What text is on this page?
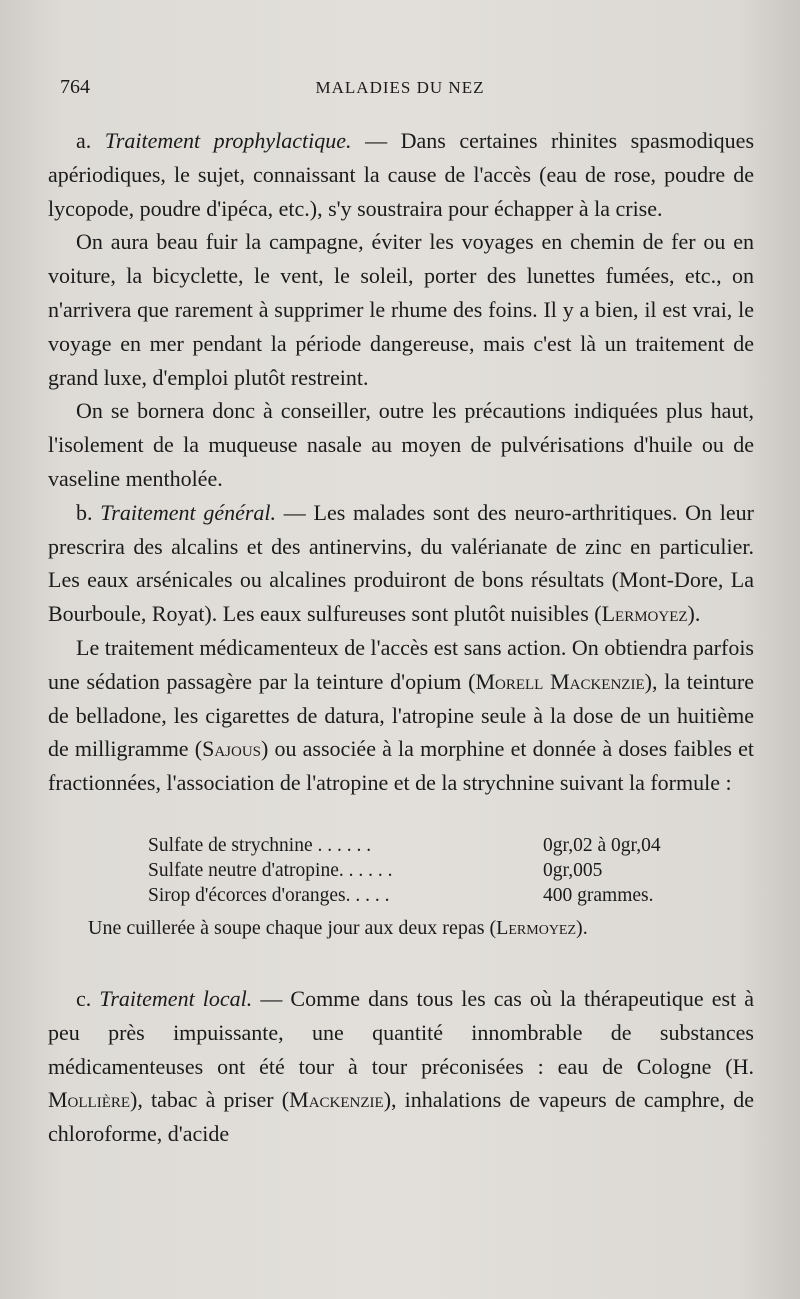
764	MALADIES DU NEZ

a. Traitement prophylactique. — Dans certaines rhinites spasmodiques apériodiques, le sujet, connaissant la cause de l'accès (eau de rose, poudre de lycopode, poudre d'ipéca, etc.), s'y soustraira pour échapper à la crise.

On aura beau fuir la campagne, éviter les voyages en chemin de fer ou en voiture, la bicyclette, le vent, le soleil, porter des lunettes fumées, etc., on n'arrivera que rarement à supprimer le rhume des foins. Il y a bien, il est vrai, le voyage en mer pendant la période dangereuse, mais c'est là un traitement de grand luxe, d'emploi plutôt restreint.

On se bornera donc à conseiller, outre les précautions indiquées plus haut, l'isolement de la muqueuse nasale au moyen de pulvérisations d'huile ou de vaseline mentholée.

b. Traitement général. — Les malades sont des neuro-arthritiques. On leur prescrira des alcalins et des antinervins, du valérianate de zinc en particulier. Les eaux arsénicales ou alcalines produiront de bons résultats (Mont-Dore, La Bourboule, Royat). Les eaux sulfureuses sont plutôt nuisibles (Lermoyez).

Le traitement médicamenteux de l'accès est sans action. On obtiendra parfois une sédation passagère par la teinture d'opium (Morell Mackenzie), la teinture de belladone, les cigarettes de datura, l'atropine seule à la dose de un huitième de milligramme (Sajous) ou associée à la morphine et donnée à doses faibles et fractionnées, l'association de l'atropine et de la strychnine suivant la formule :

Sulfate de strychnine . . . . . .	0gr,02 à 0gr,04
Sulfate neutre d'atropine. . . . . .	0gr,005
Sirop d'écorces d'oranges. . . . .	400 grammes.

Une cuillerée à soupe chaque jour aux deux repas (Lermoyez).

c. Traitement local. — Comme dans tous les cas où la thérapeutique est à peu près impuissante, une quantité innombrable de substances médicamenteuses ont été tour à tour préconisées : eau de Cologne (H. Mollière), tabac à priser (Mackenzie), inhalations de vapeurs de camphre, de chloroforme, d'acide
